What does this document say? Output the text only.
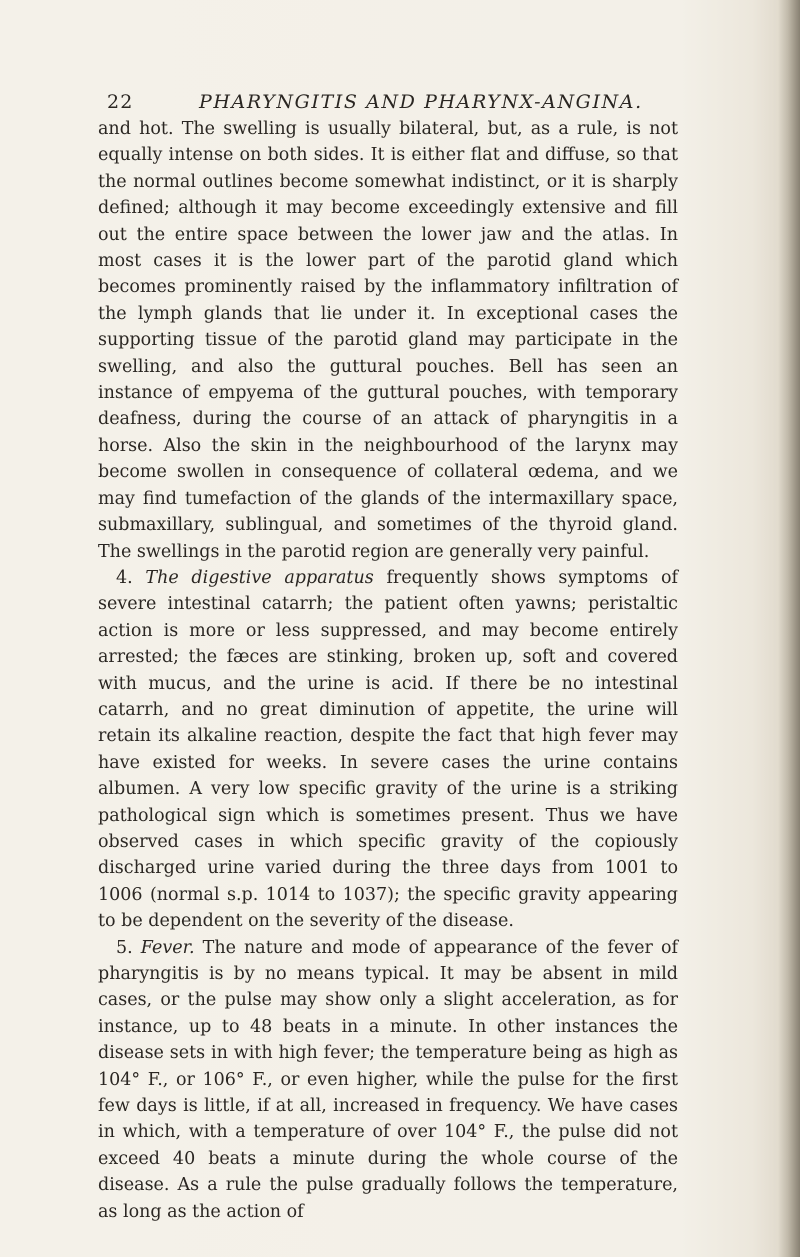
22	PHARYNGITIS AND PHARYNX-ANGINA.

and hot. The swelling is usually bilateral, but, as a rule, is not equally intense on both sides. It is either flat and diffuse, so that the normal outlines become somewhat indistinct, or it is sharply defined; although it may become exceedingly extensive and fill out the entire space between the lower jaw and the atlas. In most cases it is the lower part of the parotid gland which becomes prominently raised by the inflammatory infiltration of the lymph glands that lie under it. In exceptional cases the supporting tissue of the parotid gland may participate in the swelling, and also the guttural pouches. Bell has seen an instance of empyema of the guttural pouches, with temporary deafness, during the course of an attack of pharyngitis in a horse. Also the skin in the neighbourhood of the larynx may become swollen in consequence of collateral œdema, and we may find tumefaction of the glands of the intermaxillary space, submaxillary, sublingual, and sometimes of the thyroid gland. The swellings in the parotid region are generally very painful.

4. The digestive apparatus frequently shows symptoms of severe intestinal catarrh; the patient often yawns; peristaltic action is more or less suppressed, and may become entirely arrested; the fæces are stinking, broken up, soft and covered with mucus, and the urine is acid. If there be no intestinal catarrh, and no great diminution of appetite, the urine will retain its alkaline reaction, despite the fact that high fever may have existed for weeks. In severe cases the urine contains albumen. A very low specific gravity of the urine is a striking pathological sign which is sometimes present. Thus we have observed cases in which specific gravity of the copiously discharged urine varied during the three days from 1001 to 1006 (normal s.p. 1014 to 1037); the specific gravity appearing to be dependent on the severity of the disease.

5. Fever. The nature and mode of appearance of the fever of pharyngitis is by no means typical. It may be absent in mild cases, or the pulse may show only a slight acceleration, as for instance, up to 48 beats in a minute. In other instances the disease sets in with high fever; the temperature being as high as 104° F., or 106° F., or even higher, while the pulse for the first few days is little, if at all, increased in frequency. We have cases in which, with a temperature of over 104° F., the pulse did not exceed 40 beats a minute during the whole course of the disease. As a rule the pulse gradually follows the temperature, as long as the action of
